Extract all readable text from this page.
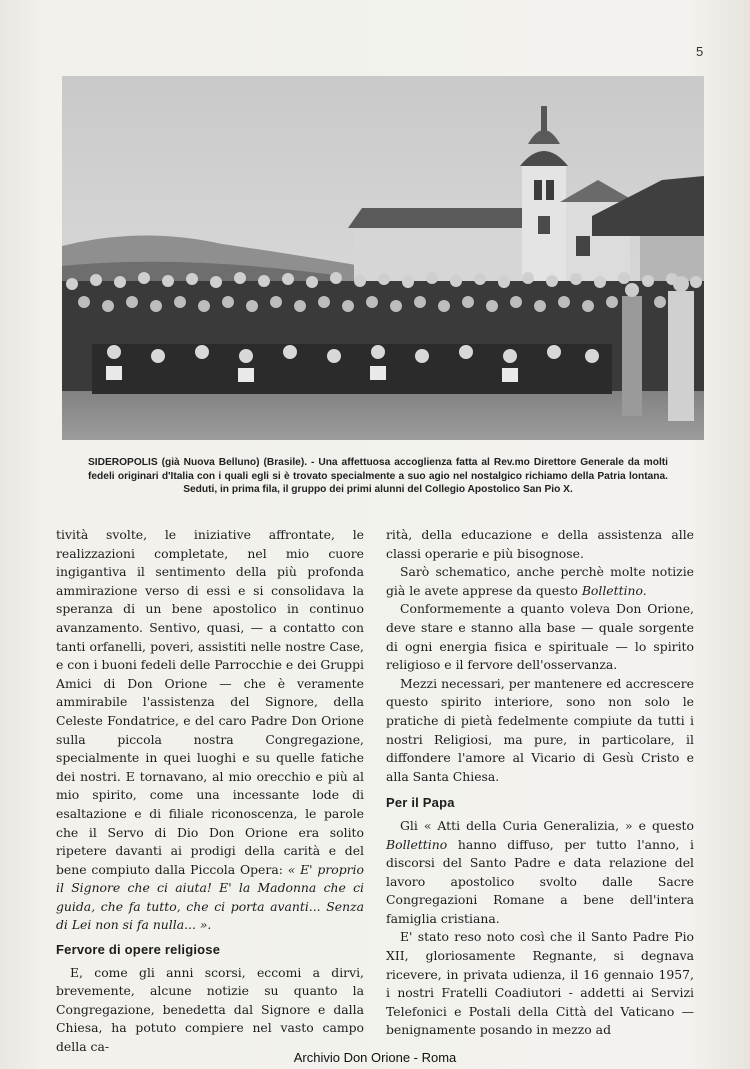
5
SIDEROPOLIS (già Nuova Belluno) (Brasile). - Una affettuosa accoglienza fatta al Rev.mo Direttore Generale da molti fedeli originari d'Italia con i quali egli si è trovato specialmente a suo agio nel nostalgico richiamo della Patria lontana. Seduti, in prima fila, il gruppo dei primi alunni del Collegio Apostolico San Pio X.

tività svolte, le iniziative affrontate, le realizzazioni completate, nel mio cuore ingigantiva il sentimento della più profonda ammirazione verso di essi e si consolidava la speranza di un bene apostolico in continuo avanzamento. Sentivo, quasi, — a contatto con tanti orfanelli, poveri, assistiti nelle nostre Case, e con i buoni fedeli delle Parrocchie e dei Gruppi Amici di Don Orione — che è veramente ammirabile l'assistenza del Signore, della Celeste Fondatrice, e del caro Padre Don Orione sulla piccola nostra Congregazione, specialmente in quei luoghi e su quelle fatiche dei nostri. E tornavano, al mio orecchio e più al mio spirito, come una incessante lode di esaltazione e di filiale riconoscenza, le parole che il Servo di Dio Don Orione era solito ripetere davanti ai prodigi della carità e del bene compiuto dalla Piccola Opera: « E' proprio il Signore che ci aiuta! E' la Madonna che ci guida, che fa tutto, che ci porta avanti... Senza di Lei non si fa nulla... ».

Fervore di opere religiose

E, come gli anni scorsi, eccomi a dirvi, brevemente, alcune notizie su quanto la Congregazione, benedetta dal Signore e dalla Chiesa, ha potuto compiere nel vasto campo della ca-

rità, della educazione e della assistenza alle classi operarie e più bisognose.

Sarò schematico, anche perchè molte notizie già le avete apprese da questo Bollettino.

Conformemente a quanto voleva Don Orione, deve stare e stanno alla base — quale sorgente di ogni energia fisica e spirituale — lo spirito religioso e il fervore dell'osservanza.

Mezzi necessari, per mantenere ed accrescere questo spirito interiore, sono non solo le pratiche di pietà fedelmente compiute da tutti i nostri Religiosi, ma pure, in particolare, il diffondere l'amore al Vicario di Gesù Cristo e alla Santa Chiesa.

Per il Papa

Gli « Atti della Curia Generalizia, » e questo Bollettino hanno diffuso, per tutto l'anno, i discorsi del Santo Padre e data relazione del lavoro apostolico svolto dalle Sacre Congregazioni Romane a bene dell'intera famiglia cristiana.

E' stato reso noto così che il Santo Padre Pio XII, gloriosamente Regnante, si degnava ricevere, in privata udienza, il 16 gennaio 1957, i nostri Fratelli Coadiutori - addetti ai Servizi Telefonici e Postali della Città del Vaticano — benignamente posando in mezzo ad

Archivio Don Orione - Roma
